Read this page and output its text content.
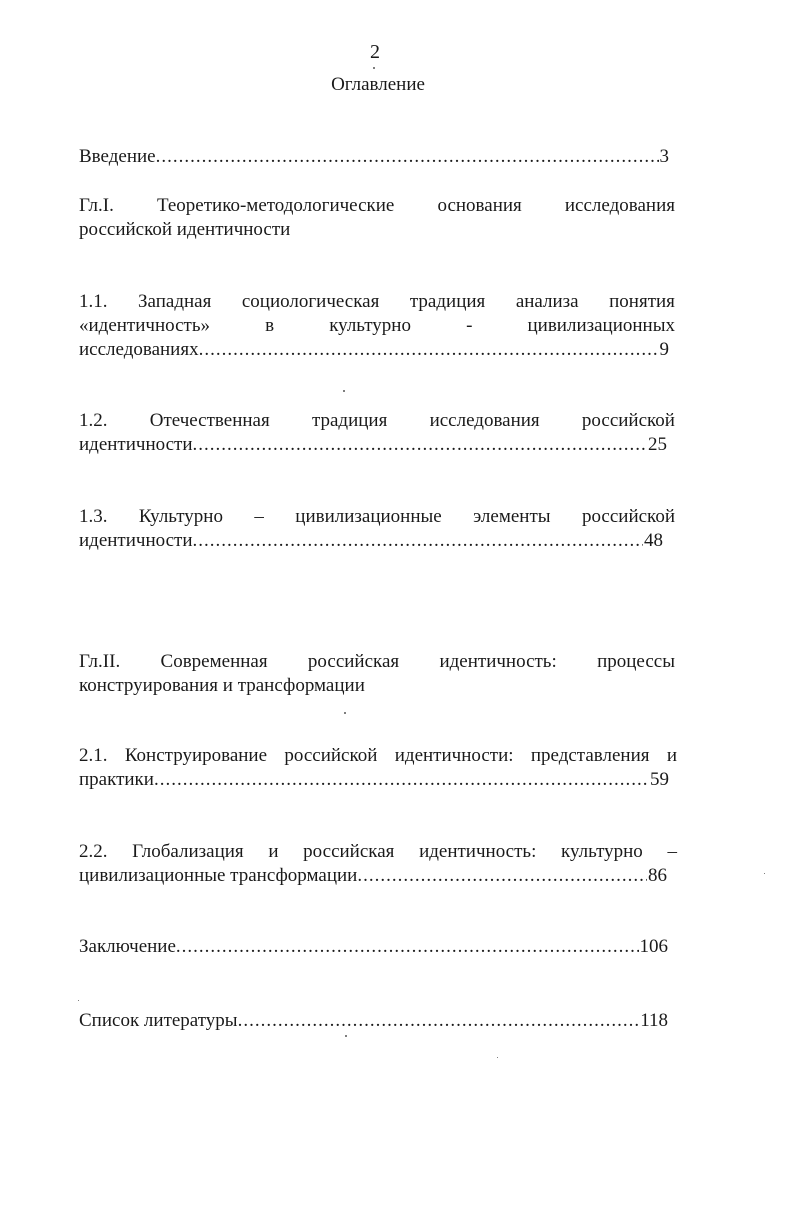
2
Оглавление
Введение .....	3
Гл.I. Теоретико-методологические основания исследования
российской идентичности
1.1. Западная социологическая традиция анализа понятия
«идентичность»	в	культурно	-	цивилизационных
исследованиях .....	9
1.2. Отечественная традиция исследования российской
идентичности .....	25
1.3. Культурно – цивилизационные элементы российской
идентичности .....	48
Гл.II. Современная российская идентичность: процессы
конструирования и трансформации
2.1. Конструирование российской идентичности: представления и
практики .....	59
2.2. Глобализация и российская идентичность: культурно –
цивилизационные трансформации .....	86
Заключение .....	106
Список литературы .....	118
